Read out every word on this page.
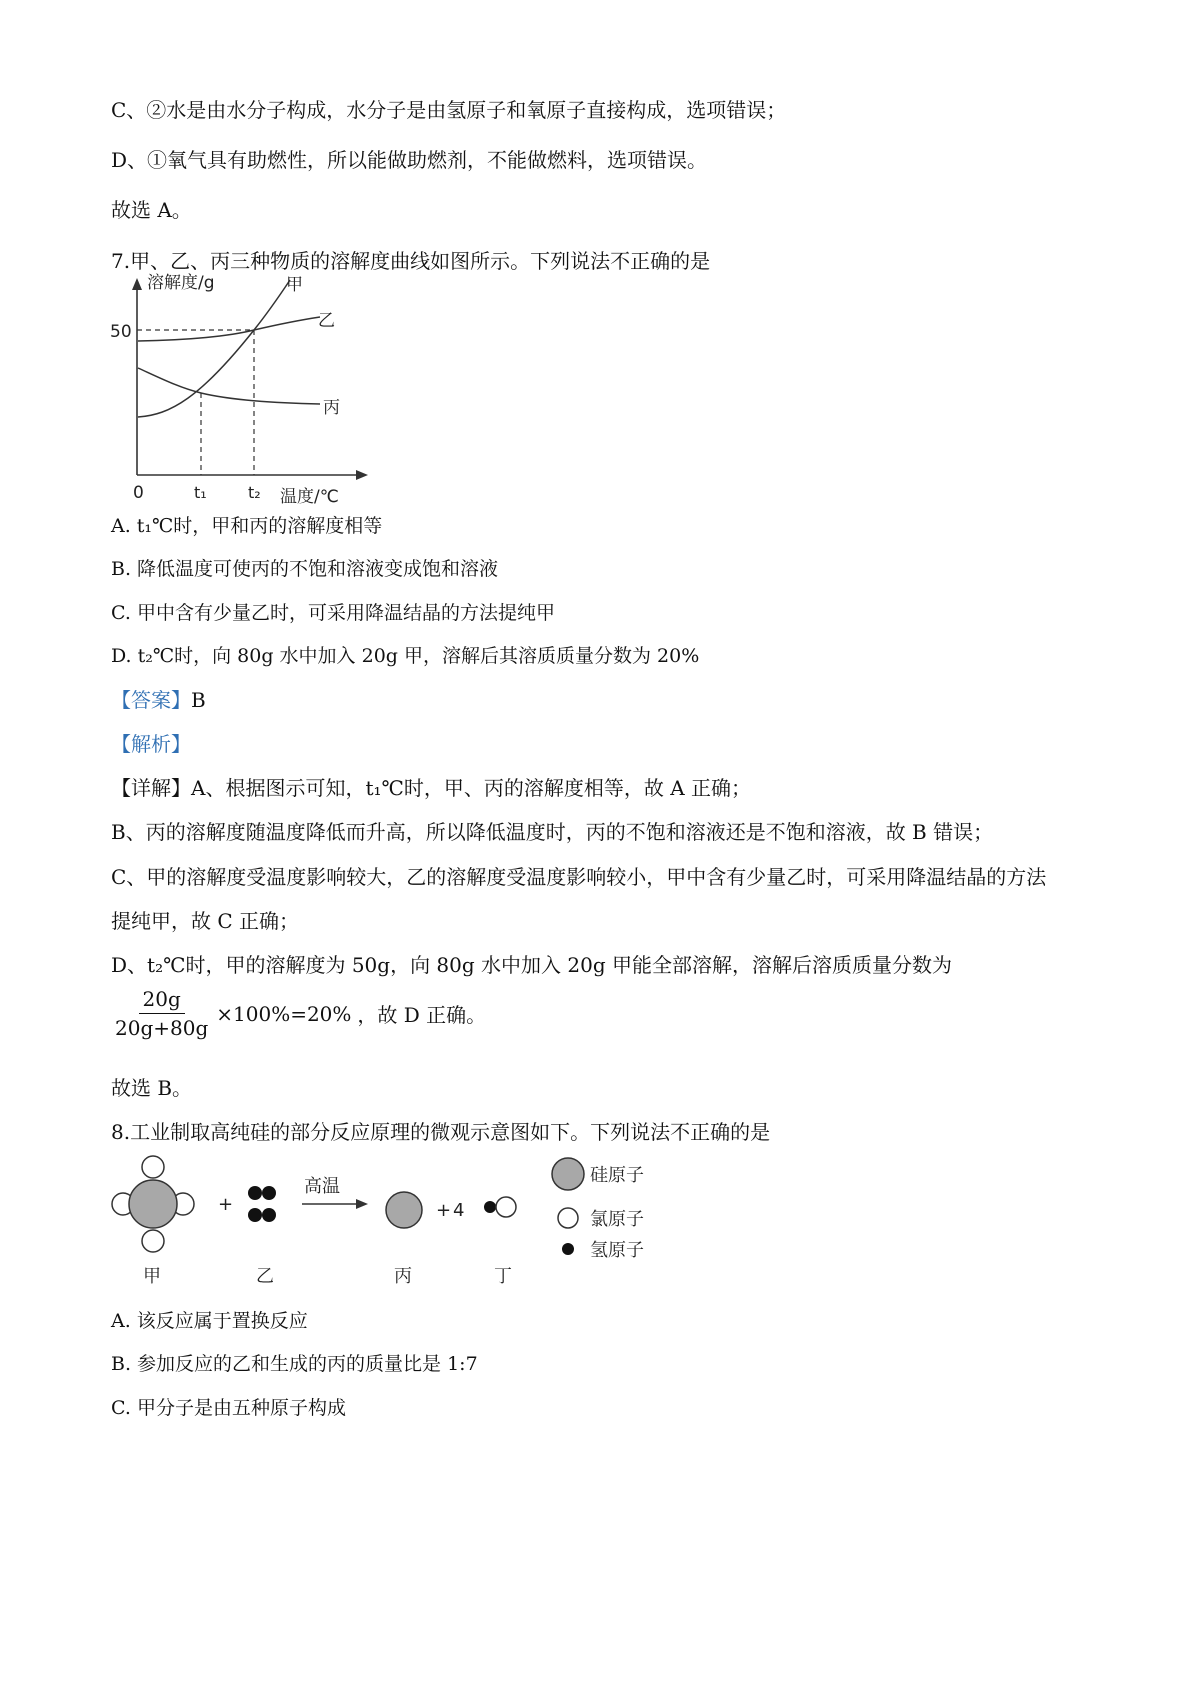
C、②水是由水分子构成，水分子是由氢原子和氧原子直接构成，选项错误；
D、①氧气具有助燃性，所以能做助燃剂，不能做燃料，选项错误。
故选 A。
7.甲、乙、丙三种物质的溶解度曲线如图所示。下列说法不正确的是
溶解度/g	甲
乙
丙
50
0	t₁	t₂ 温度/℃
A. t₁℃时，甲和丙的溶解度相等
B. 降低温度可使丙的不饱和溶液变成饱和溶液
C. 甲中含有少量乙时，可采用降温结晶的方法提纯甲
D. t₂℃时，向 80g 水中加入 20g 甲，溶解后其溶质质量分数为 20%
【答案】B
【解析】
【详解】A、根据图示可知，t₁℃时，甲、丙的溶解度相等，故 A 正确；
B、丙的溶解度随温度降低而升高，所以降低温度时，丙的不饱和溶液还是不饱和溶液，故 B 错误；
C、甲的溶解度受温度影响较大，乙的溶解度受温度影响较小，甲中含有少量乙时，可采用降温结晶的方法
提纯甲，故 C 正确；
D、t₂℃时，甲的溶解度为 50g，向 80g 水中加入 20g 甲能全部溶解，溶解后溶质质量分数为
$\frac{20g}{20g+80g} \times 100\%=20\%$ ，故 D 正确。
故选 B。
8.工业制取高纯硅的部分反应原理的微观示意图如下。下列说法不正确的是
+
高温
+ 4
甲	乙	丙	丁
硅原子
氯原子
氢原子
A. 该反应属于置换反应
B. 参加反应的乙和生成的丙的质量比是 1:7
C. 甲分子是由五种原子构成
